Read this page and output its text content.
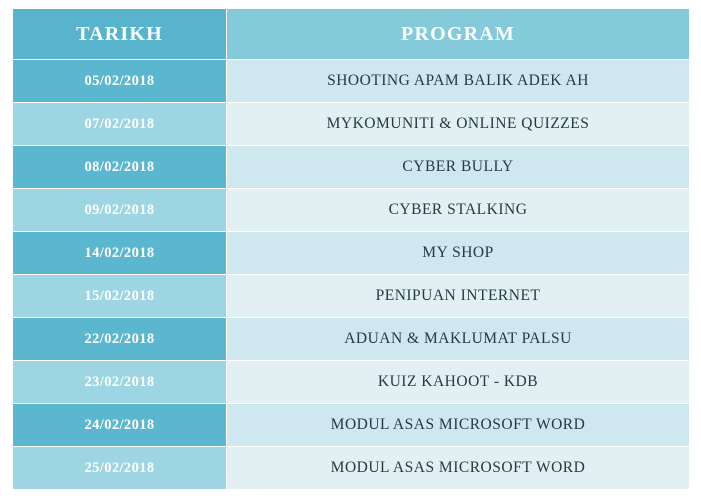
TARIKH	PROGRAM
05/02/2018	SHOOTING APAM BALIK ADEK AH
07/02/2018	MYKOMUNITI & ONLINE QUIZZES
08/02/2018	CYBER BULLY
09/02/2018	CYBER STALKING
14/02/2018	MY SHOP
15/02/2018	PENIPUAN INTERNET
22/02/2018	ADUAN & MAKLUMAT PALSU
23/02/2018	KUIZ KAHOOT - KDB
24/02/2018	MODUL ASAS MICROSOFT WORD
25/02/2018	MODUL ASAS MICROSOFT WORD
